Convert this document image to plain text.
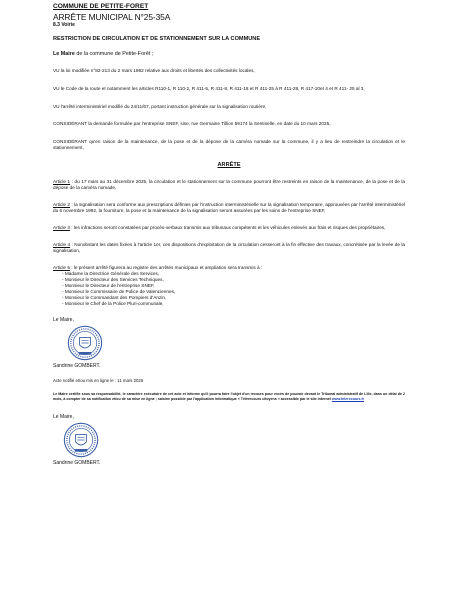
COMMUNE DE PETITE-FORET
ARRÊTE MUNICIPAL N°25-35A
8.3 Voirie
RESTRICTION DE CIRCULATION ET DE STATIONNEMENT SUR LA COMMUNE

Le Maire de la commune de Petite-Forêt ;

VU la loi modifiée n°82-213 du 2 mars 1982 relative aux droits et libertés des collectivités locales,

VU le Code de la route et notamment les articles R110-1, R 110-2, R 411-5, R 411-8, R 411-18 et R 411-25 à R 411-28, R 417-10et 4 et R 411- 25 al 3,

VU l'arrêté interministériel modifié du 24/11/67, portant instruction générale sur la signalisation routière,

CONSIDÉRANT la demande formulée par l'entreprise SNEF, sise, rue Germaine Tillion 59174 la Sentinelle, en date du 10 mars 2025,

CONSIDÉRANT qu'en raison de la maintenance, de la pose et de la dépose de la caméra nomade sur la commune, il y a lieu de restreindre la circulation et le stationnement,

ARRÊTE

Article 1 : du 17 mars au 31 décembre 2025, la circulation et le stationnement sur la commune pourront être restreints en raison de la maintenance, de la pose et de la dépose de la caméra nomade,

Article 2 : la signalisation sera conforme aux prescriptions définies par l'instruction interministérielle sur la signalisation temporaire, approuvées par l'arrêté interministériel du 6 novembre 1992, la fourniture, la pose et la maintenance de la signalisation seront assurées par les soins de l'entreprise SNEF,

Article 3 : les infractions seront constatées par procès-verbaux transmis aux tribunaux compétents et les véhicules enlevés aux frais et risques des propriétaires,

Article 4 : Nonobstant les dates fixées à l'article 1er, ces dispositions d'exploitation de la circulation cesseront à la fin effective des travaux, concrétisée par la levée de la signalisation,

Article 5 : le présent arrêté figurera au registre des arrêtés municipaux et ampliation sera transmis à :

- Madame la Directrice Générale des Services,
- Monsieur le Directeur des Services Techniques,
- Monsieur le Directeur de l'entreprise SNEF,
- Monsieur le Commissaire de Police de Valenciennes,
- Monsieur le Commandant des Pompiers d'Anzin,
- Monsieur le Chef de la Police Pluri-communale,
Le Maire,
Sandrine GOMBERT.
Acte notifié et/ou mis en ligne le : 11 mars 2025

Le Maire certifie sous sa responsabilité, le caractère exécutoire de cet acte et informe qu'il pourra faire l'objet d'un recours pour excès de pouvoir devant le Tribunal administratif de Lille, dans un délai de 2 mois, à compter de sa notification et/ou de sa mise en ligne ; saisine possible par l'application informatique « Télérecours citoyens » accessible par le site internet www.telerecours.fr

Le Maire,
Sandrine GOMBERT.
